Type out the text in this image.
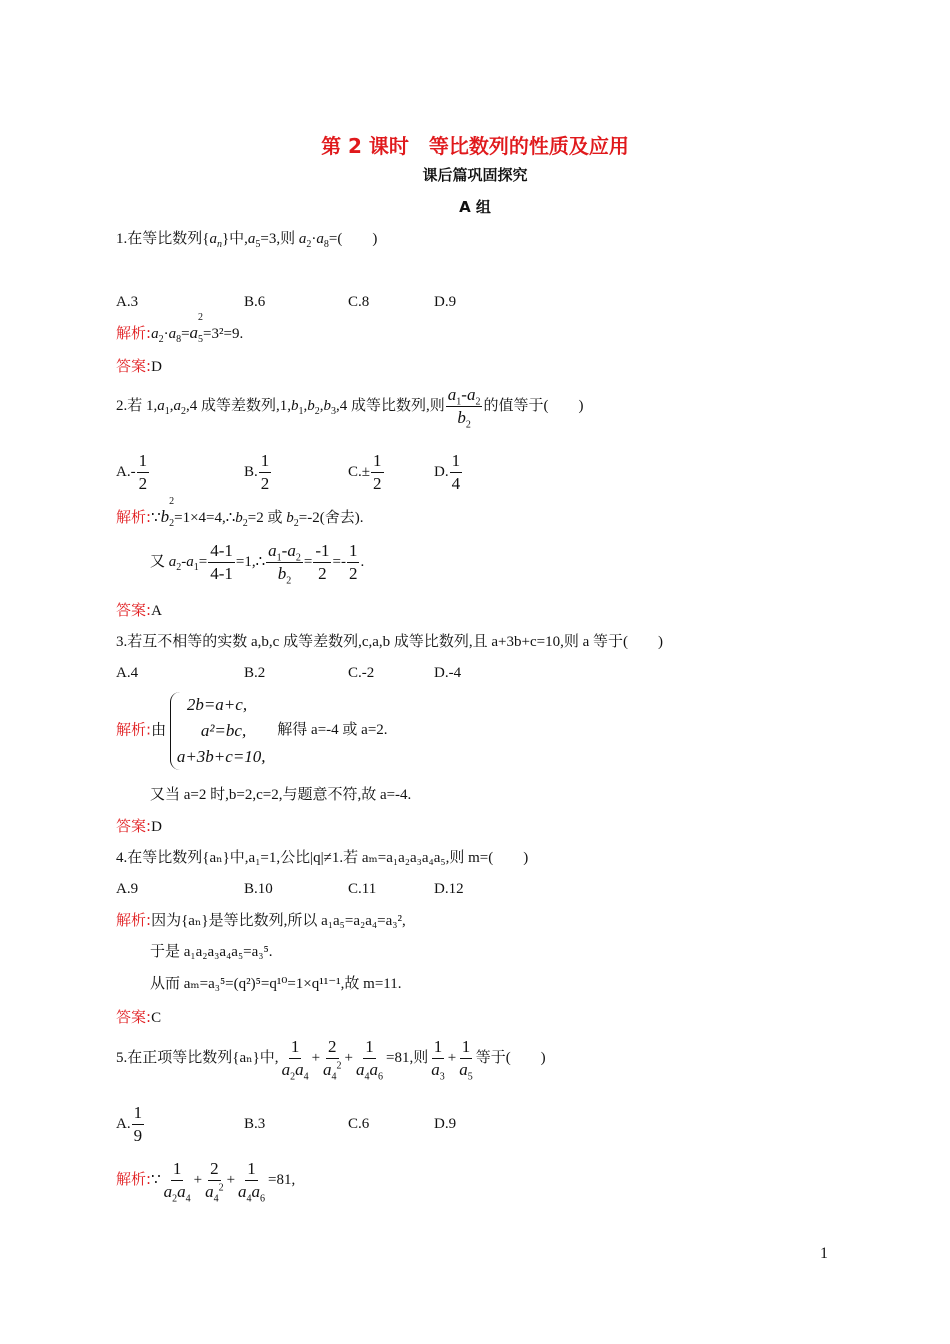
第 2 课时　等比数列的性质及应用
课后篇巩固探究
A 组
1.在等比数列$\{a_n\}$中$,a_5=3$,则 $a_2\cdot a_8=$(　　)
A.3	B.6	C.8	D.9
解析$:a_2\cdot a_8=a$
$_{2 5}$=3²=9.
答案:D
2.若 $1,a_1,a_2,4$ 成等差数列$,1,b_1,b_2,b_3,4$ 成等比数列,则 $\frac{a_1-a_2}{b_2}$ 的值等于(　　)
$A.- \frac{1}{2}$	B. $\frac{1}{2}$	$C.\pm \frac{1}{2}$	D. $\frac{1}{4}$
解析:∵b
$_{2 2}=1\times 4=4,\therefore b_2=2$ 或 $b_2=-2$(舍去).
又 $a_2-a_1= \frac{4-1}{4-1}$ =1,∴ $\frac{a_1-a_2}{b_2} = \frac{-1}{2} =- \frac{1}{2}$ .
答案:A
3.若互不相等的实数 a,b,c 成等差数列,c,a,b 成等比数列,且 a+3b+c=10,则 a 等于(　　)
A.4	B.2	C.-2	D.-4
解析:由
2b=a+c,
a²=bc,
a+3b+c=10,
解得 a=-4 或 a=2.
又当 a=2 时,b=2,c=2,与题意不符,故 a=-4.
答案:D
4.在等比数列{aₙ}中,a₁=1,公比|q|≠1.若 aₘ=a₁a₂a₃a₄a₅,则 m=(　　)
A.9	B.10	C.11	D.12
解析:因为{aₙ}是等比数列,所以 a₁a₅=a₂a₄=a₃²,
于是 a₁a₂a₃a₄a₅=a₃⁵.
从而 aₘ=a₃⁵=(q²)⁵=q¹⁰=1×q¹¹⁻¹,故 m=11.
答案:C
5.在正项等比数列{aₙ}中, $\frac{1}{a_2a_4} + \frac{2}{a_4^2} + \frac{1}{a_4a_6} =81$,则 $\frac{1}{a_3} + \frac{1}{a_5}$ 等于(　　)
A. $\frac{1}{9}$	B.3	C.6	D.9
解析:∵ $\frac{1}{a_2a_4} + \frac{2}{a_4^2} + \frac{1}{a_4a_6} =81$,
1
